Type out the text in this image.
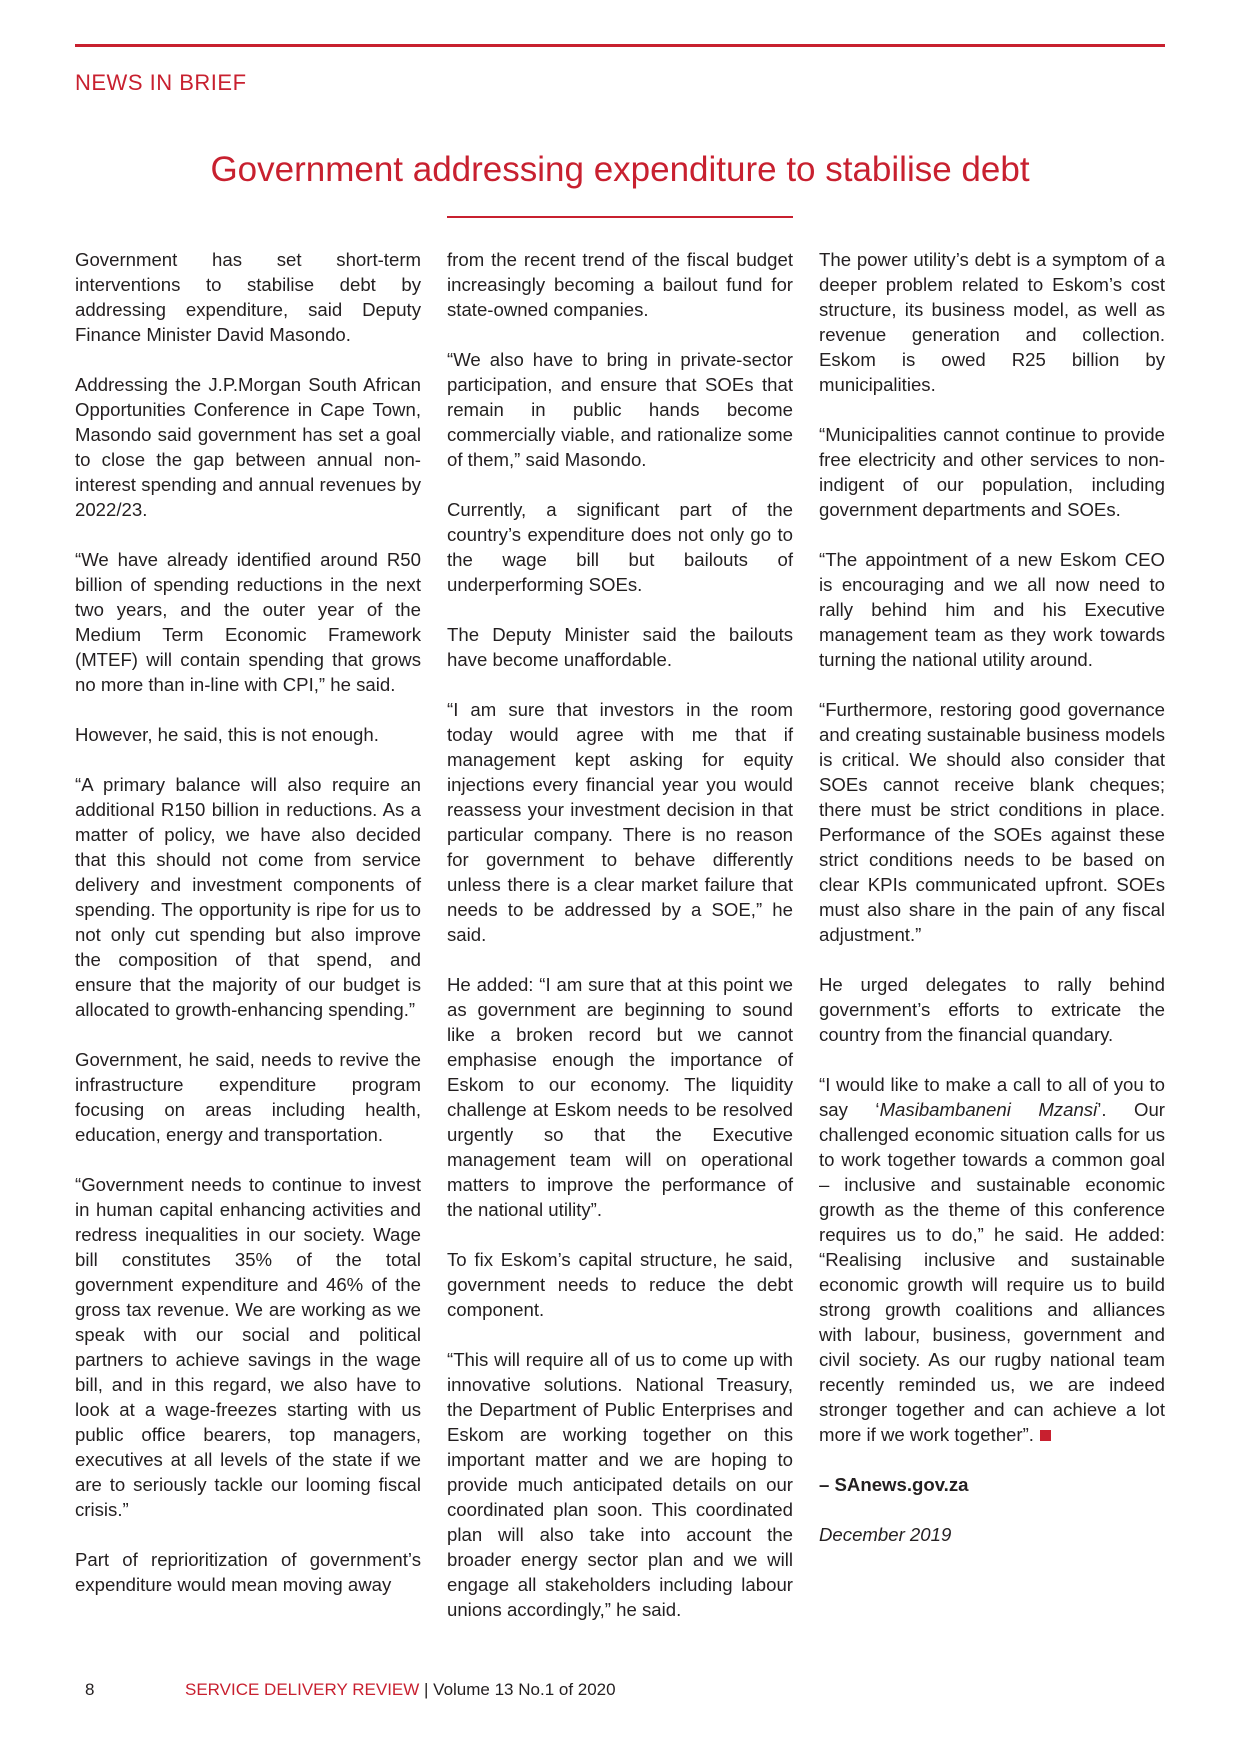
NEWS IN BRIEF
Government addressing expenditure to stabilise debt

Government has set short-term interventions to stabilise debt by addressing expenditure, said Deputy Finance Minister David Masondo.

Addressing the J.P.Morgan South African Opportunities Conference in Cape Town, Masondo said government has set a goal to close the gap between annual non-interest spending and annual revenues by 2022/23.

“We have already identified around R50 billion of spending reductions in the next two years, and the outer year of the Medium Term Economic Framework (MTEF) will contain spending that grows no more than in-line with CPI,” he said.

However, he said, this is not enough.

“A primary balance will also require an additional R150 billion in reductions. As a matter of policy, we have also decided that this should not come from service delivery and investment components of spending. The opportunity is ripe for us to not only cut spending but also improve the composition of that spend, and ensure that the majority of our budget is allocated to growth-enhancing spending.”

Government, he said, needs to revive the infrastructure expenditure program focusing on areas including health, education, energy and transportation.

“Government needs to continue to invest in human capital enhancing activities and redress inequalities in our society. Wage bill constitutes 35% of the total government expenditure and 46% of the gross tax revenue. We are working as we speak with our social and political partners to achieve savings in the wage bill, and in this regard, we also have to look at a wage-freezes starting with us public office bearers, top managers, executives at all levels of the state if we are to seriously tackle our looming fiscal crisis.”

Part of reprioritization of government’s expenditure would mean moving away

from the recent trend of the fiscal budget increasingly becoming a bailout fund for state-owned companies.

“We also have to bring in private-sector participation, and ensure that SOEs that remain in public hands become commercially viable, and rationalize some of them,” said Masondo.

Currently, a significant part of the country’s expenditure does not only go to the wage bill but bailouts of underperforming SOEs.

The Deputy Minister said the bailouts have become unaffordable.

“I am sure that investors in the room today would agree with me that if management kept asking for equity injections every financial year you would reassess your investment decision in that particular company. There is no reason for government to behave differently unless there is a clear market failure that needs to be addressed by a SOE,” he said.

He added: “I am sure that at this point we as government are beginning to sound like a broken record but we cannot emphasise enough the importance of Eskom to our economy. The liquidity challenge at Eskom needs to be resolved urgently so that the Executive management team will on operational matters to improve the performance of the national utility”.

To fix Eskom’s capital structure, he said, government needs to reduce the debt component.

“This will require all of us to come up with innovative solutions. National Treasury, the Department of Public Enterprises and Eskom are working together on this important matter and we are hoping to provide much anticipated details on our coordinated plan soon. This coordinated plan will also take into account the broader energy sector plan and we will engage all stakeholders including labour unions accordingly,” he said.

The power utility’s debt is a symptom of a deeper problem related to Eskom’s cost structure, its business model, as well as revenue generation and collection. Eskom is owed R25 billion by municipalities.

“Municipalities cannot continue to provide free electricity and other services to non-indigent of our population, including government departments and SOEs.

“The appointment of a new Eskom CEO is encouraging and we all now need to rally behind him and his Executive management team as they work towards turning the national utility around.

“Furthermore, restoring good governance and creating sustainable business models is critical. We should also consider that SOEs cannot receive blank cheques; there must be strict conditions in place. Performance of the SOEs against these strict conditions needs to be based on clear KPIs communicated upfront. SOEs must also share in the pain of any fiscal adjustment.”

He urged delegates to rally behind government’s efforts to extricate the country from the financial quandary.

“I would like to make a call to all of you to say ‘Masibambaneni Mzansi’. Our challenged economic situation calls for us to work together towards a common goal – inclusive and sustainable economic growth as the theme of this conference requires us to do,” he said. He added: “Realising inclusive and sustainable economic growth will require us to build strong growth coalitions and alliances with labour, business, government and civil society. As our rugby national team recently reminded us, we are indeed stronger together and can achieve a lot more if we work together”.

– SAnews.gov.za

December 2019

8	SERVICE DELIVERY REVIEW | Volume 13 No.1 of 2020
